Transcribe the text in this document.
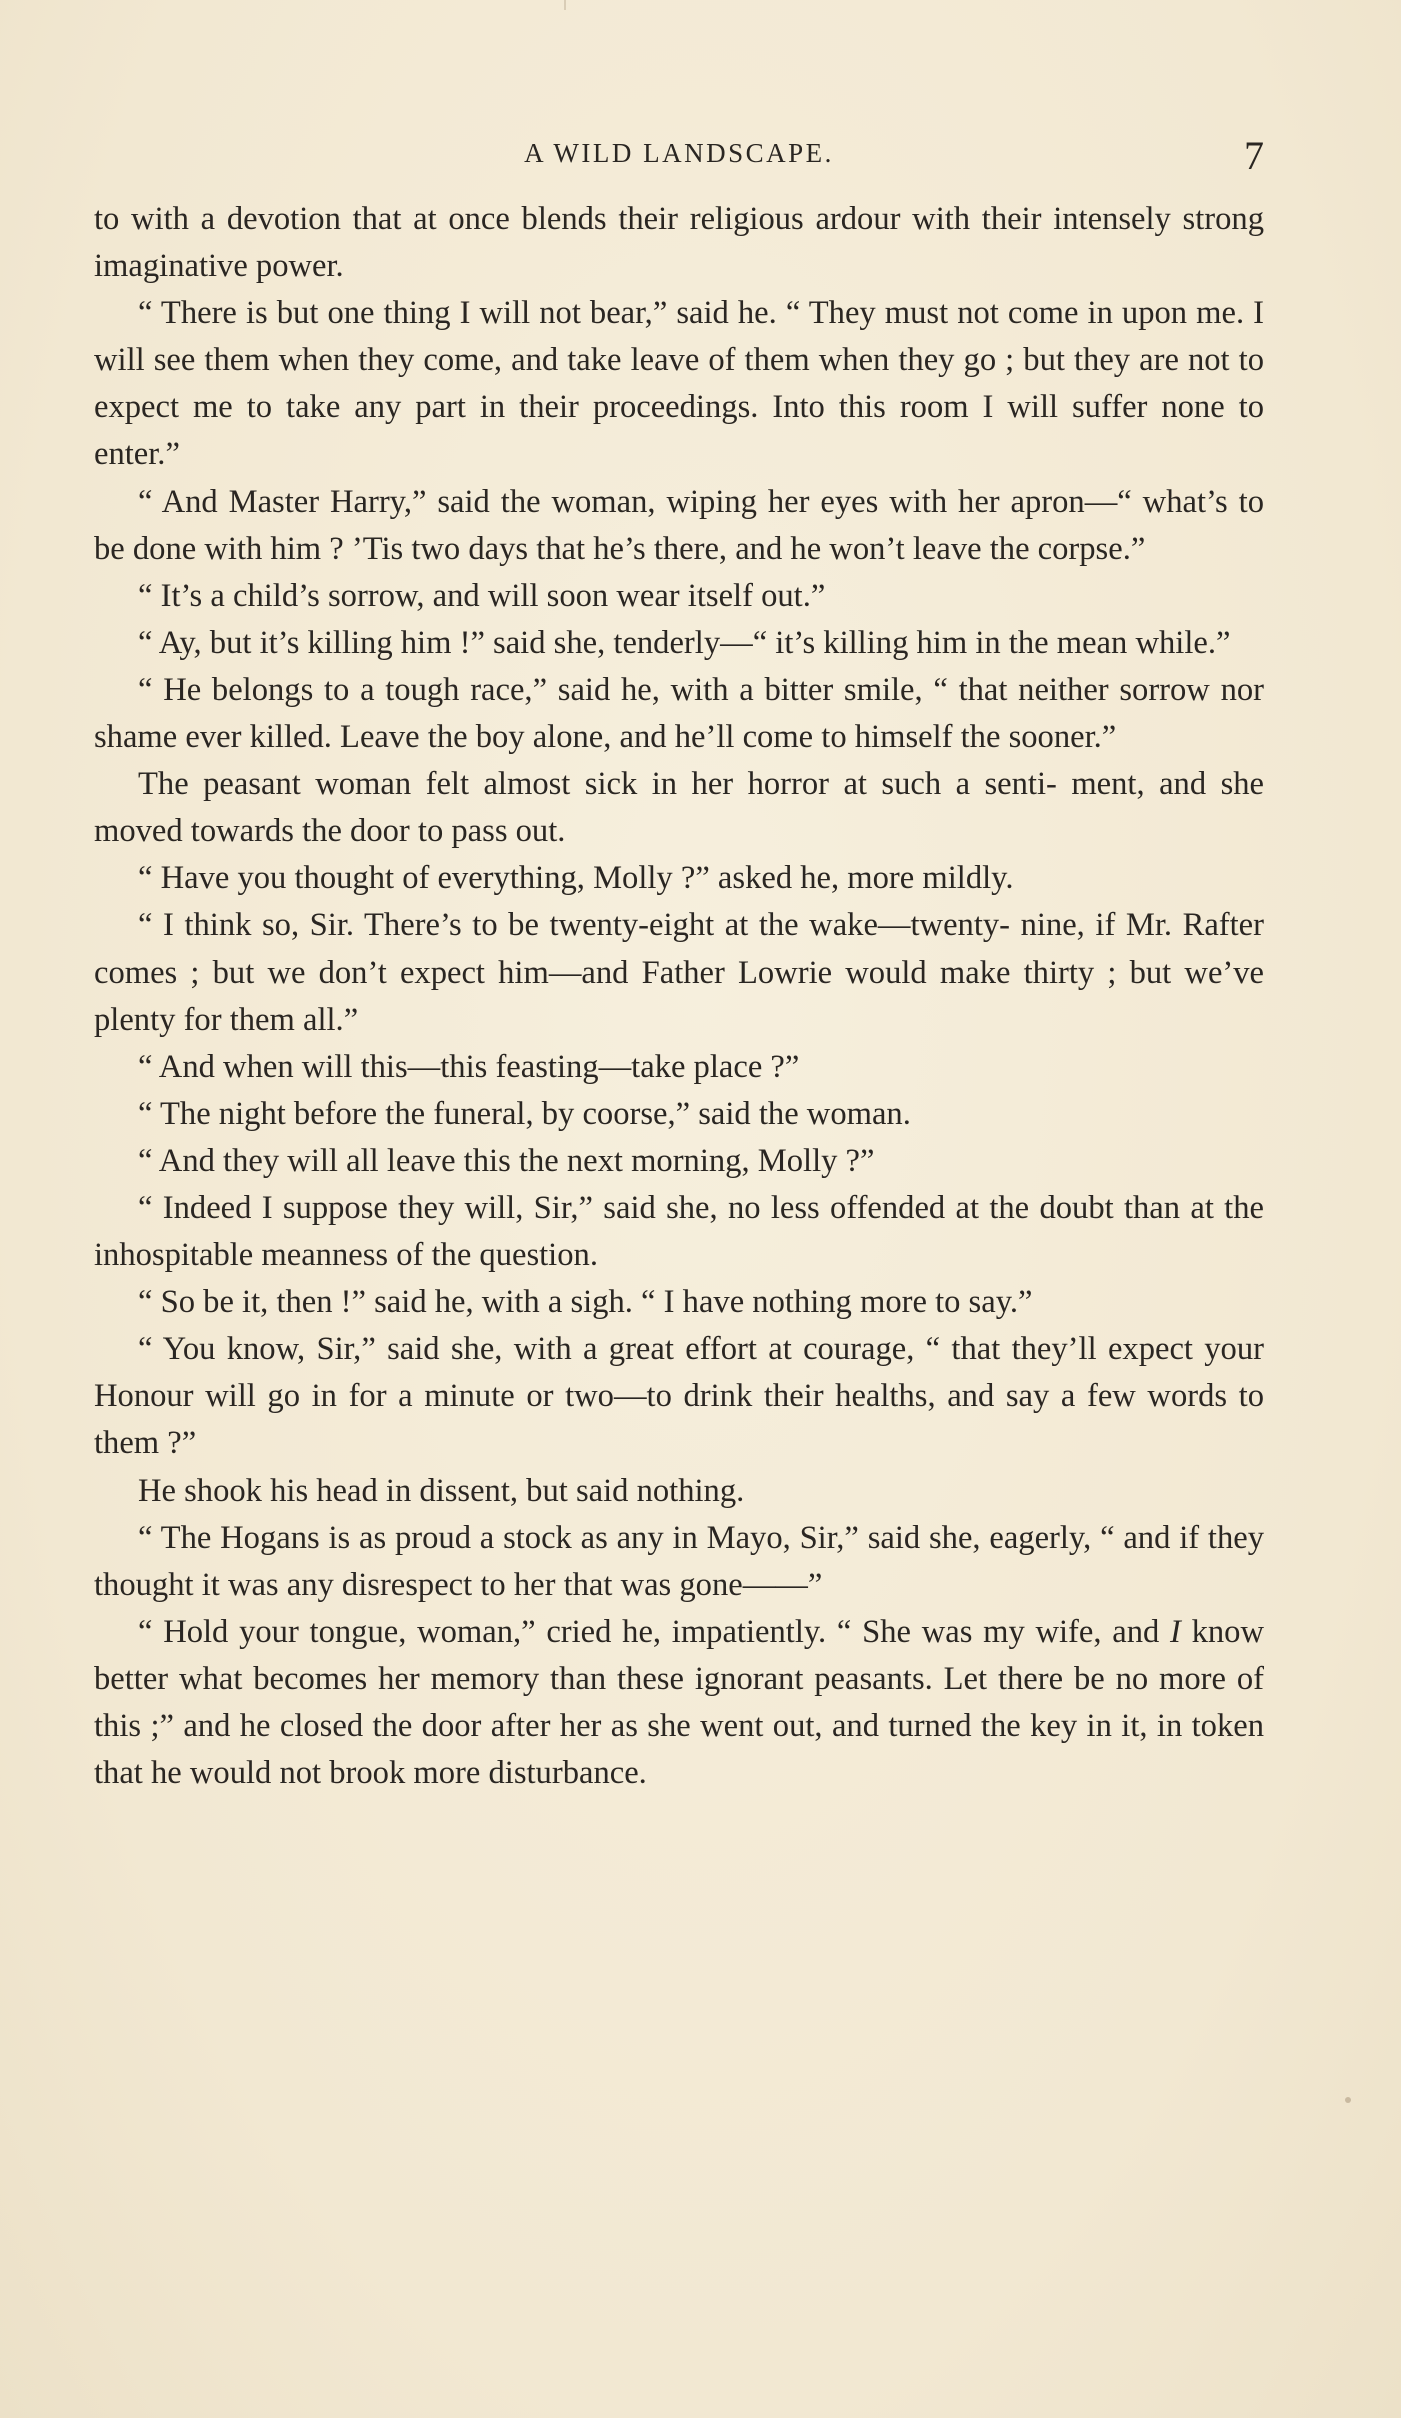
A WILD LANDSCAPE.	7

to with a devotion that at once blends their religious ardour with their intensely strong imaginative power.

“ There is but one thing I will not bear,” said he. “ They must not come in upon me. I will see them when they come, and take leave of them when they go ; but they are not to expect me to take any part in their proceedings. Into this room I will suffer none to enter.”

“ And Master Harry,” said the woman, wiping her eyes with her apron—“ what’s to be done with him ? ’Tis two days that he’s there, and he won’t leave the corpse.”

“ It’s a child’s sorrow, and will soon wear itself out.”

“ Ay, but it’s killing him !” said she, tenderly—“ it’s killing him in the mean while.”

“ He belongs to a tough race,” said he, with a bitter smile, “ that neither sorrow nor shame ever killed. Leave the boy alone, and he’ll come to himself the sooner.”

The peasant woman felt almost sick in her horror at such a senti- ment, and she moved towards the door to pass out.

“ Have you thought of everything, Molly ?” asked he, more mildly.

“ I think so, Sir. There’s to be twenty-eight at the wake—twenty- nine, if Mr. Rafter comes ; but we don’t expect him—and Father Lowrie would make thirty ; but we’ve plenty for them all.”

“ And when will this—this feasting—take place ?”

“ The night before the funeral, by coorse,” said the woman.

“ And they will all leave this the next morning, Molly ?”

“ Indeed I suppose they will, Sir,” said she, no less offended at the doubt than at the inhospitable meanness of the question.

“ So be it, then !” said he, with a sigh. “ I have nothing more to say.”

“ You know, Sir,” said she, with a great effort at courage, “ that they’ll expect your Honour will go in for a minute or two—to drink their healths, and say a few words to them ?”

He shook his head in dissent, but said nothing.

“ The Hogans is as proud a stock as any in Mayo, Sir,” said she, eagerly, “ and if they thought it was any disrespect to her that was gone——”

“ Hold your tongue, woman,” cried he, impatiently. “ She was my wife, and I know better what becomes her memory than these ignorant peasants. Let there be no more of this ;” and he closed the door after her as she went out, and turned the key in it, in token that he would not brook more disturbance.
